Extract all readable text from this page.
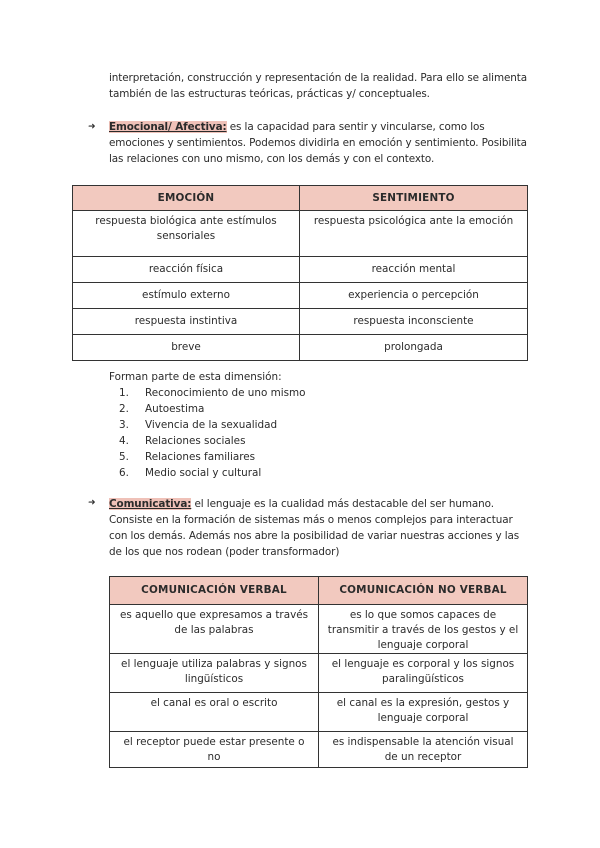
interpretación, construcción y representación de la realidad. Para ello se alimenta también de las estructuras teóricas, prácticas y/ conceptuales.
➜ Emocional/ Afectiva: es la capacidad para sentir y vincularse, como los emociones y sentimientos. Podemos dividirla en emoción y sentimiento. Posibilita las relaciones con uno mismo, con los demás y con el contexto.
EMOCIÓN	SENTIMIENTO
respuesta biológica ante estímulos sensoriales	respuesta psicológica ante la emoción
reacción física	reacción mental
estímulo externo	experiencia o percepción
respuesta instintiva	respuesta inconsciente
breve	prolongada
Forman parte de esta dimensión:
1.	Reconocimiento de uno mismo
2.	Autoestima
3.	Vivencia de la sexualidad
4.	Relaciones sociales
5.	Relaciones familiares
6.	Medio social y cultural
➜ Comunicativa: el lenguaje es la cualidad más destacable del ser humano. Consiste en la formación de sistemas más o menos complejos para interactuar con los demás. Además nos abre la posibilidad de variar nuestras acciones y las de los que nos rodean (poder transformador)
COMUNICACIÓN VERBAL	COMUNICACIÓN NO VERBAL
es aquello que expresamos a través de las palabras	es lo que somos capaces de transmitir a través de los gestos y el lenguaje corporal
el lenguaje utiliza palabras y signos lingüísticos	el lenguaje es corporal y los signos paralingüísticos
el canal es oral o escrito	el canal es la expresión, gestos y lenguaje corporal
el receptor puede estar presente o no	es indispensable la atención visual de un receptor
